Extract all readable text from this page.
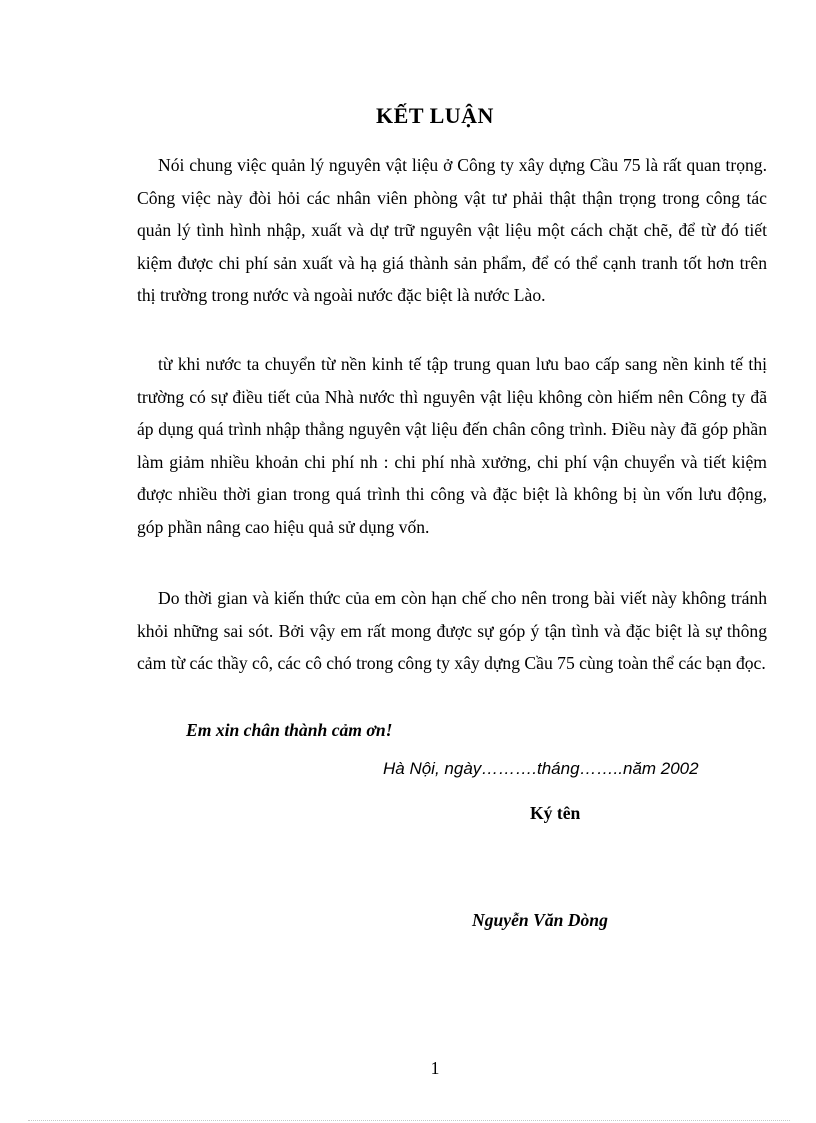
KẾT LUẬN

Nói chung việc quản lý nguyên vật liệu ở Công ty xây dựng Cầu 75 là rất quan trọng. Công việc này đòi hỏi các nhân viên phòng vật tư phải thật thận trọng trong công tác quản lý tình hình nhập, xuất và dự trữ nguyên vật liệu một cách chặt chẽ, để từ đó tiết kiệm được chi phí sản xuất và hạ giá thành sản phẩm, để có thể cạnh tranh tốt hơn trên thị trường trong nước và ngoài nước đặc biệt là nước Lào.

từ khi nước ta chuyển từ nền kinh tế tập trung quan lưu bao cấp sang nền kinh tế thị trường có sự điều tiết của Nhà nước thì nguyên vật liệu không còn hiếm nên Công ty đã áp dụng quá trình nhập thẳng nguyên vật liệu đến chân công trình. Điều này đã góp phần làm giảm nhiều khoản chi phí nh : chi phí nhà xưởng, chi phí vận chuyển và tiết kiệm được nhiều thời gian trong quá trình thi công và đặc biệt là không bị ùn vốn lưu động, góp phần nâng cao hiệu quả sử dụng vốn.

Do thời gian và kiến thức của em còn hạn chế cho nên trong bài viết này không tránh khỏi những sai sót. Bởi vậy em rất mong được sự góp ý tận tình và đặc biệt là sự thông cảm từ các thầy cô, các cô chó trong công ty xây dựng Cầu 75 cùng toàn thể các bạn đọc.

Em xin chân thành cảm ơn!
Hà Nội, ngày……….tháng……..năm 2002
Ký tên
Nguyễn Văn Dòng
1
